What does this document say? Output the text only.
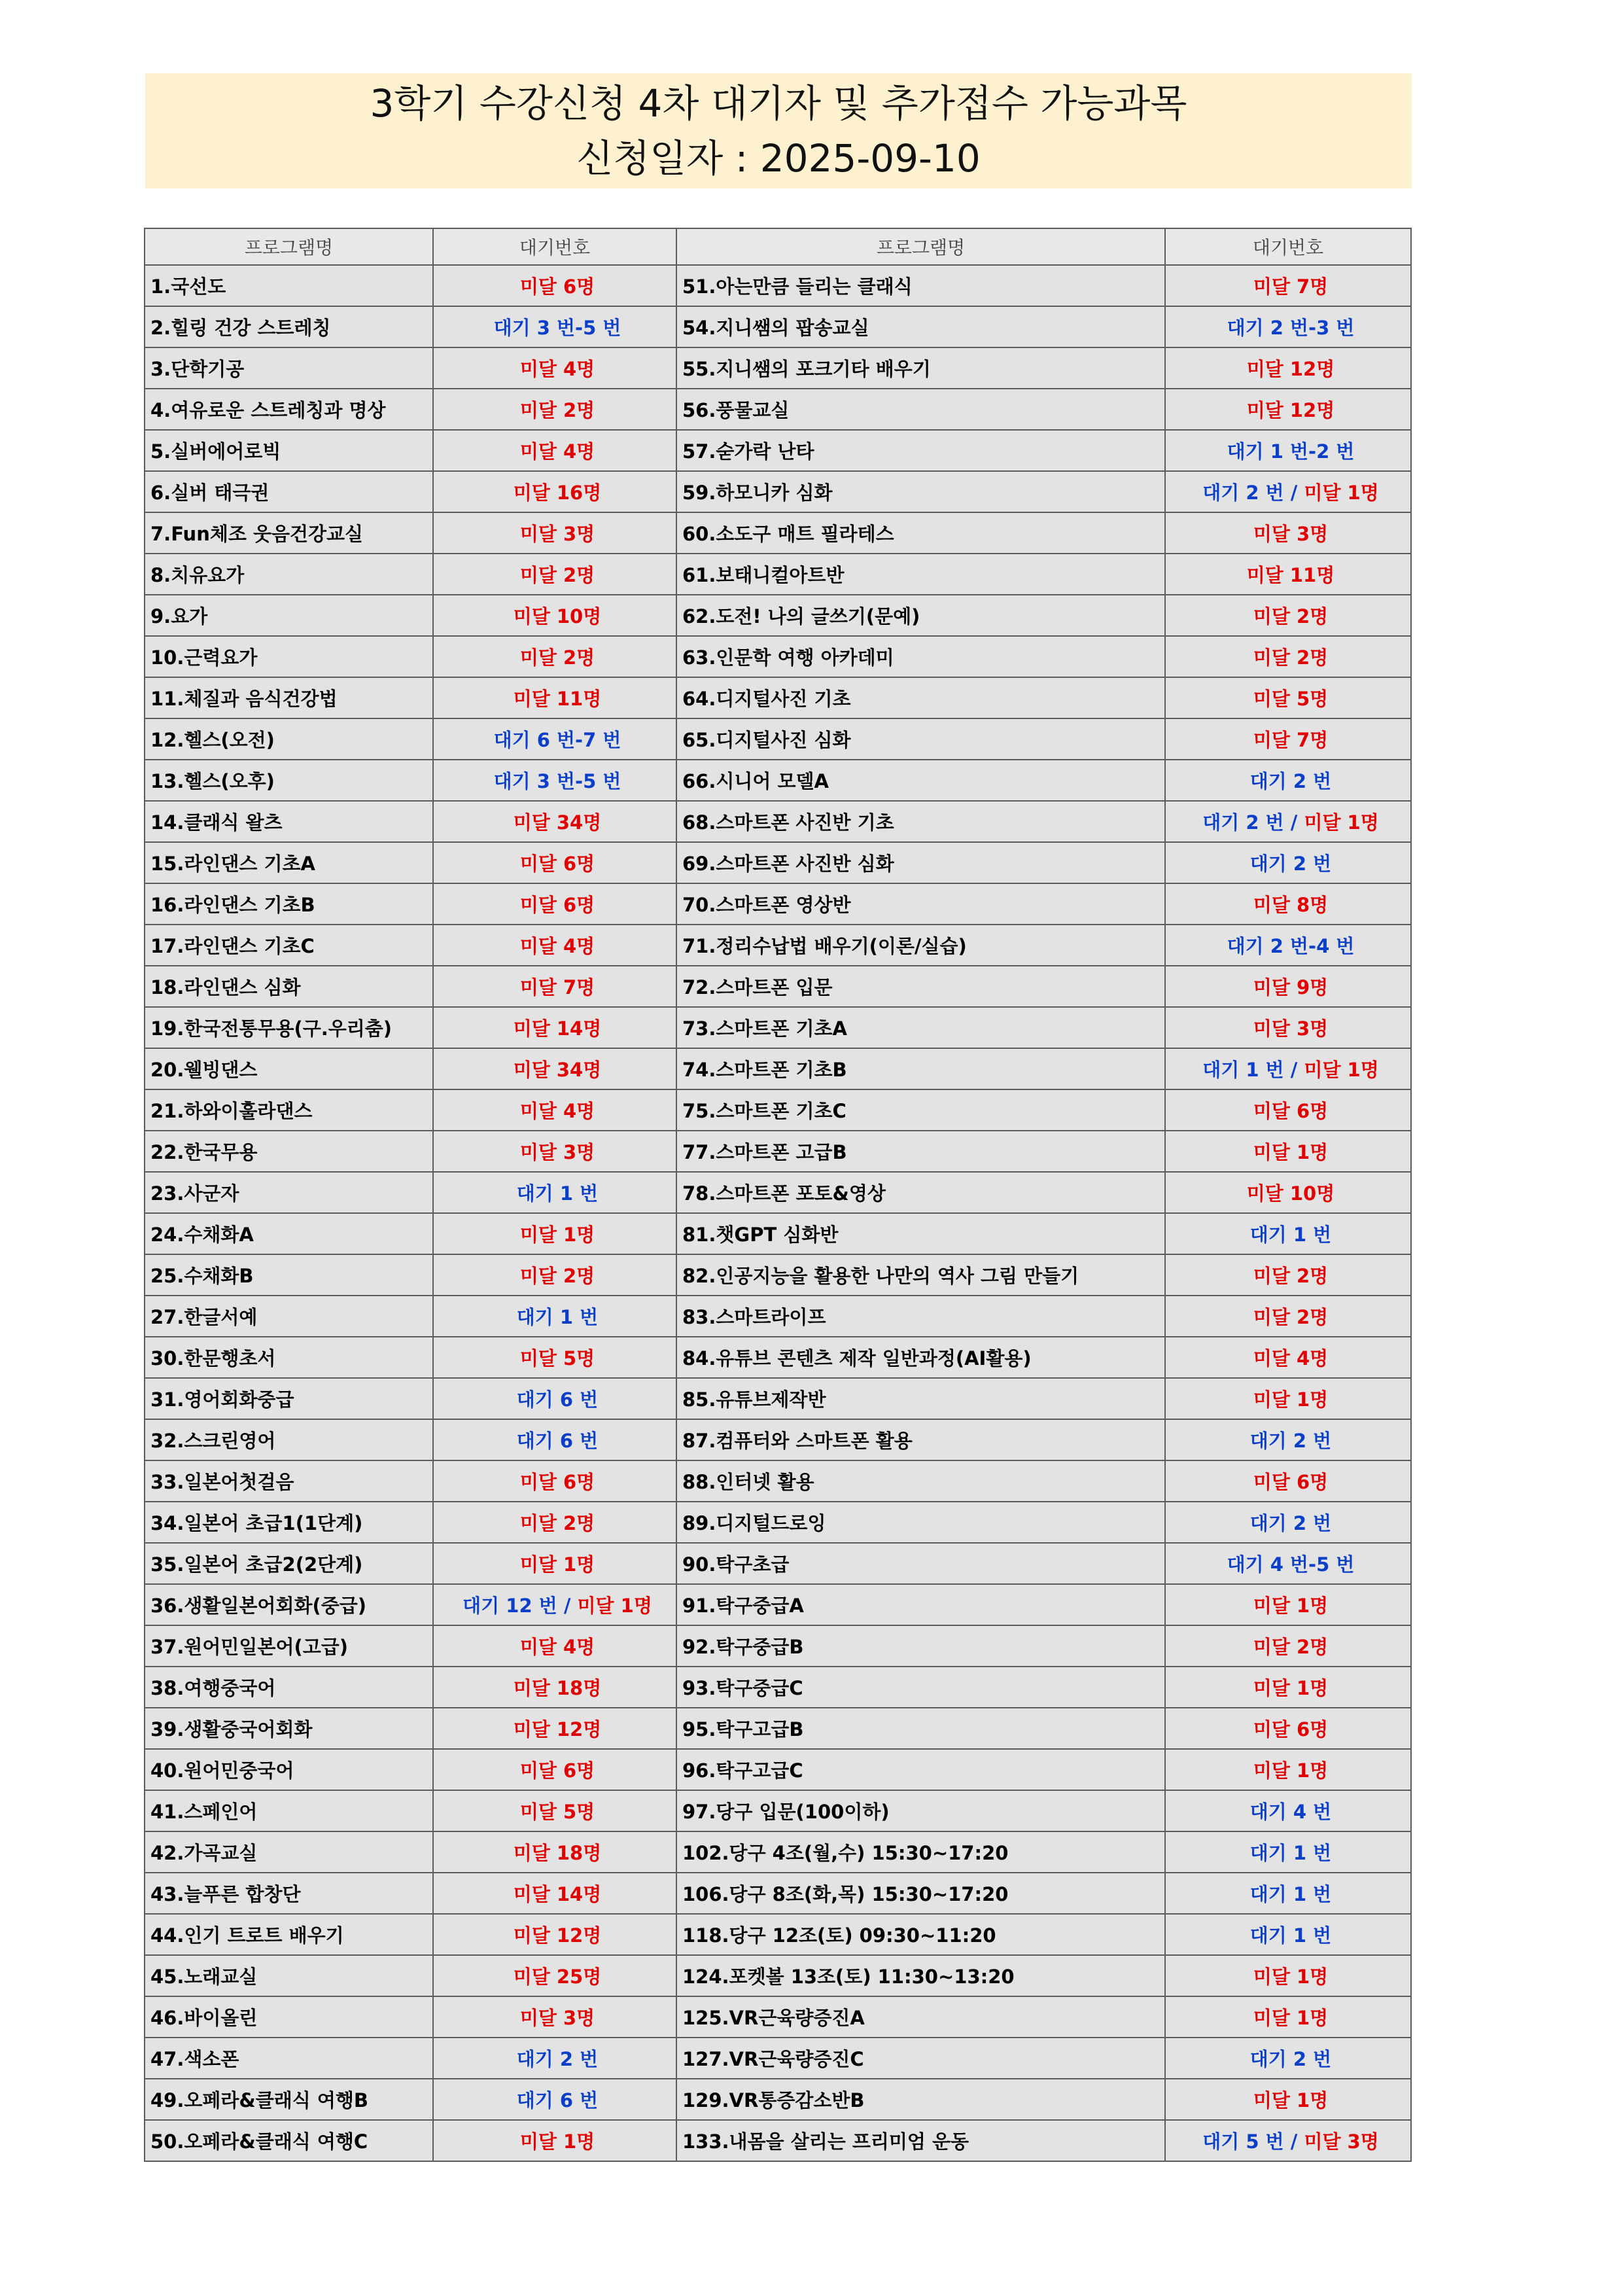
3학기 수강신청 4차 대기자 및 추가접수 가능과목
신청일자 : 2025-09-10
프로그램명	대기번호	프로그램명	대기번호
1.국선도	미달 6명	51.아는만큼 들리는 클래식	미달 7명
2.힐링 건강 스트레칭	대기 3 번-5 번	54.지니쌤의 팝송교실	대기 2 번-3 번
3.단학기공	미달 4명	55.지니쌤의 포크기타 배우기	미달 12명
4.여유로운 스트레칭과 명상	미달 2명	56.풍물교실	미달 12명
5.실버에어로빅	미달 4명	57.숟가락 난타	대기 1 번-2 번
6.실버 태극권	미달 16명	59.하모니카 심화	대기 2 번 / 미달 1명
7.Fun체조 웃음건강교실	미달 3명	60.소도구 매트 필라테스	미달 3명
8.치유요가	미달 2명	61.보태니컬아트반	미달 11명
9.요가	미달 10명	62.도전! 나의 글쓰기(문예)	미달 2명
10.근력요가	미달 2명	63.인문학 여행 아카데미	미달 2명
11.체질과 음식건강법	미달 11명	64.디지털사진 기초	미달 5명
12.헬스(오전)	대기 6 번-7 번	65.디지털사진 심화	미달 7명
13.헬스(오후)	대기 3 번-5 번	66.시니어 모델A	대기 2 번
14.클래식 왈츠	미달 34명	68.스마트폰 사진반 기초	대기 2 번 / 미달 1명
15.라인댄스 기초A	미달 6명	69.스마트폰 사진반 심화	대기 2 번
16.라인댄스 기초B	미달 6명	70.스마트폰 영상반	미달 8명
17.라인댄스 기초C	미달 4명	71.정리수납법 배우기(이론/실습)	대기 2 번-4 번
18.라인댄스 심화	미달 7명	72.스마트폰 입문	미달 9명
19.한국전통무용(구.우리춤)	미달 14명	73.스마트폰 기초A	미달 3명
20.웰빙댄스	미달 34명	74.스마트폰 기초B	대기 1 번 / 미달 1명
21.하와이훌라댄스	미달 4명	75.스마트폰 기초C	미달 6명
22.한국무용	미달 3명	77.스마트폰 고급B	미달 1명
23.사군자	대기 1 번	78.스마트폰 포토&영상	미달 10명
24.수채화A	미달 1명	81.챗GPT 심화반	대기 1 번
25.수채화B	미달 2명	82.인공지능을 활용한 나만의 역사 그림 만들기	미달 2명
27.한글서예	대기 1 번	83.스마트라이프	미달 2명
30.한문행초서	미달 5명	84.유튜브 콘텐츠 제작 일반과정(AI활용)	미달 4명
31.영어회화중급	대기 6 번	85.유튜브제작반	미달 1명
32.스크린영어	대기 6 번	87.컴퓨터와 스마트폰 활용	대기 2 번
33.일본어첫걸음	미달 6명	88.인터넷 활용	미달 6명
34.일본어 초급1(1단계)	미달 2명	89.디지털드로잉	대기 2 번
35.일본어 초급2(2단계)	미달 1명	90.탁구초급	대기 4 번-5 번
36.생활일본어회화(중급)	대기 12 번 / 미달 1명	91.탁구중급A	미달 1명
37.원어민일본어(고급)	미달 4명	92.탁구중급B	미달 2명
38.여행중국어	미달 18명	93.탁구중급C	미달 1명
39.생활중국어회화	미달 12명	95.탁구고급B	미달 6명
40.원어민중국어	미달 6명	96.탁구고급C	미달 1명
41.스페인어	미달 5명	97.당구 입문(100이하)	대기 4 번
42.가곡교실	미달 18명	102.당구 4조(월,수) 15:30~17:20	대기 1 번
43.늘푸른 합창단	미달 14명	106.당구 8조(화,목) 15:30~17:20	대기 1 번
44.인기 트로트 배우기	미달 12명	118.당구 12조(토) 09:30~11:20	대기 1 번
45.노래교실	미달 25명	124.포켓볼 13조(토) 11:30~13:20	미달 1명
46.바이올린	미달 3명	125.VR근육량증진A	미달 1명
47.색소폰	대기 2 번	127.VR근육량증진C	대기 2 번
49.오페라&클래식 여행B	대기 6 번	129.VR통증감소반B	미달 1명
50.오페라&클래식 여행C	미달 1명	133.내몸을 살리는 프리미엄 운동	대기 5 번 / 미달 3명
